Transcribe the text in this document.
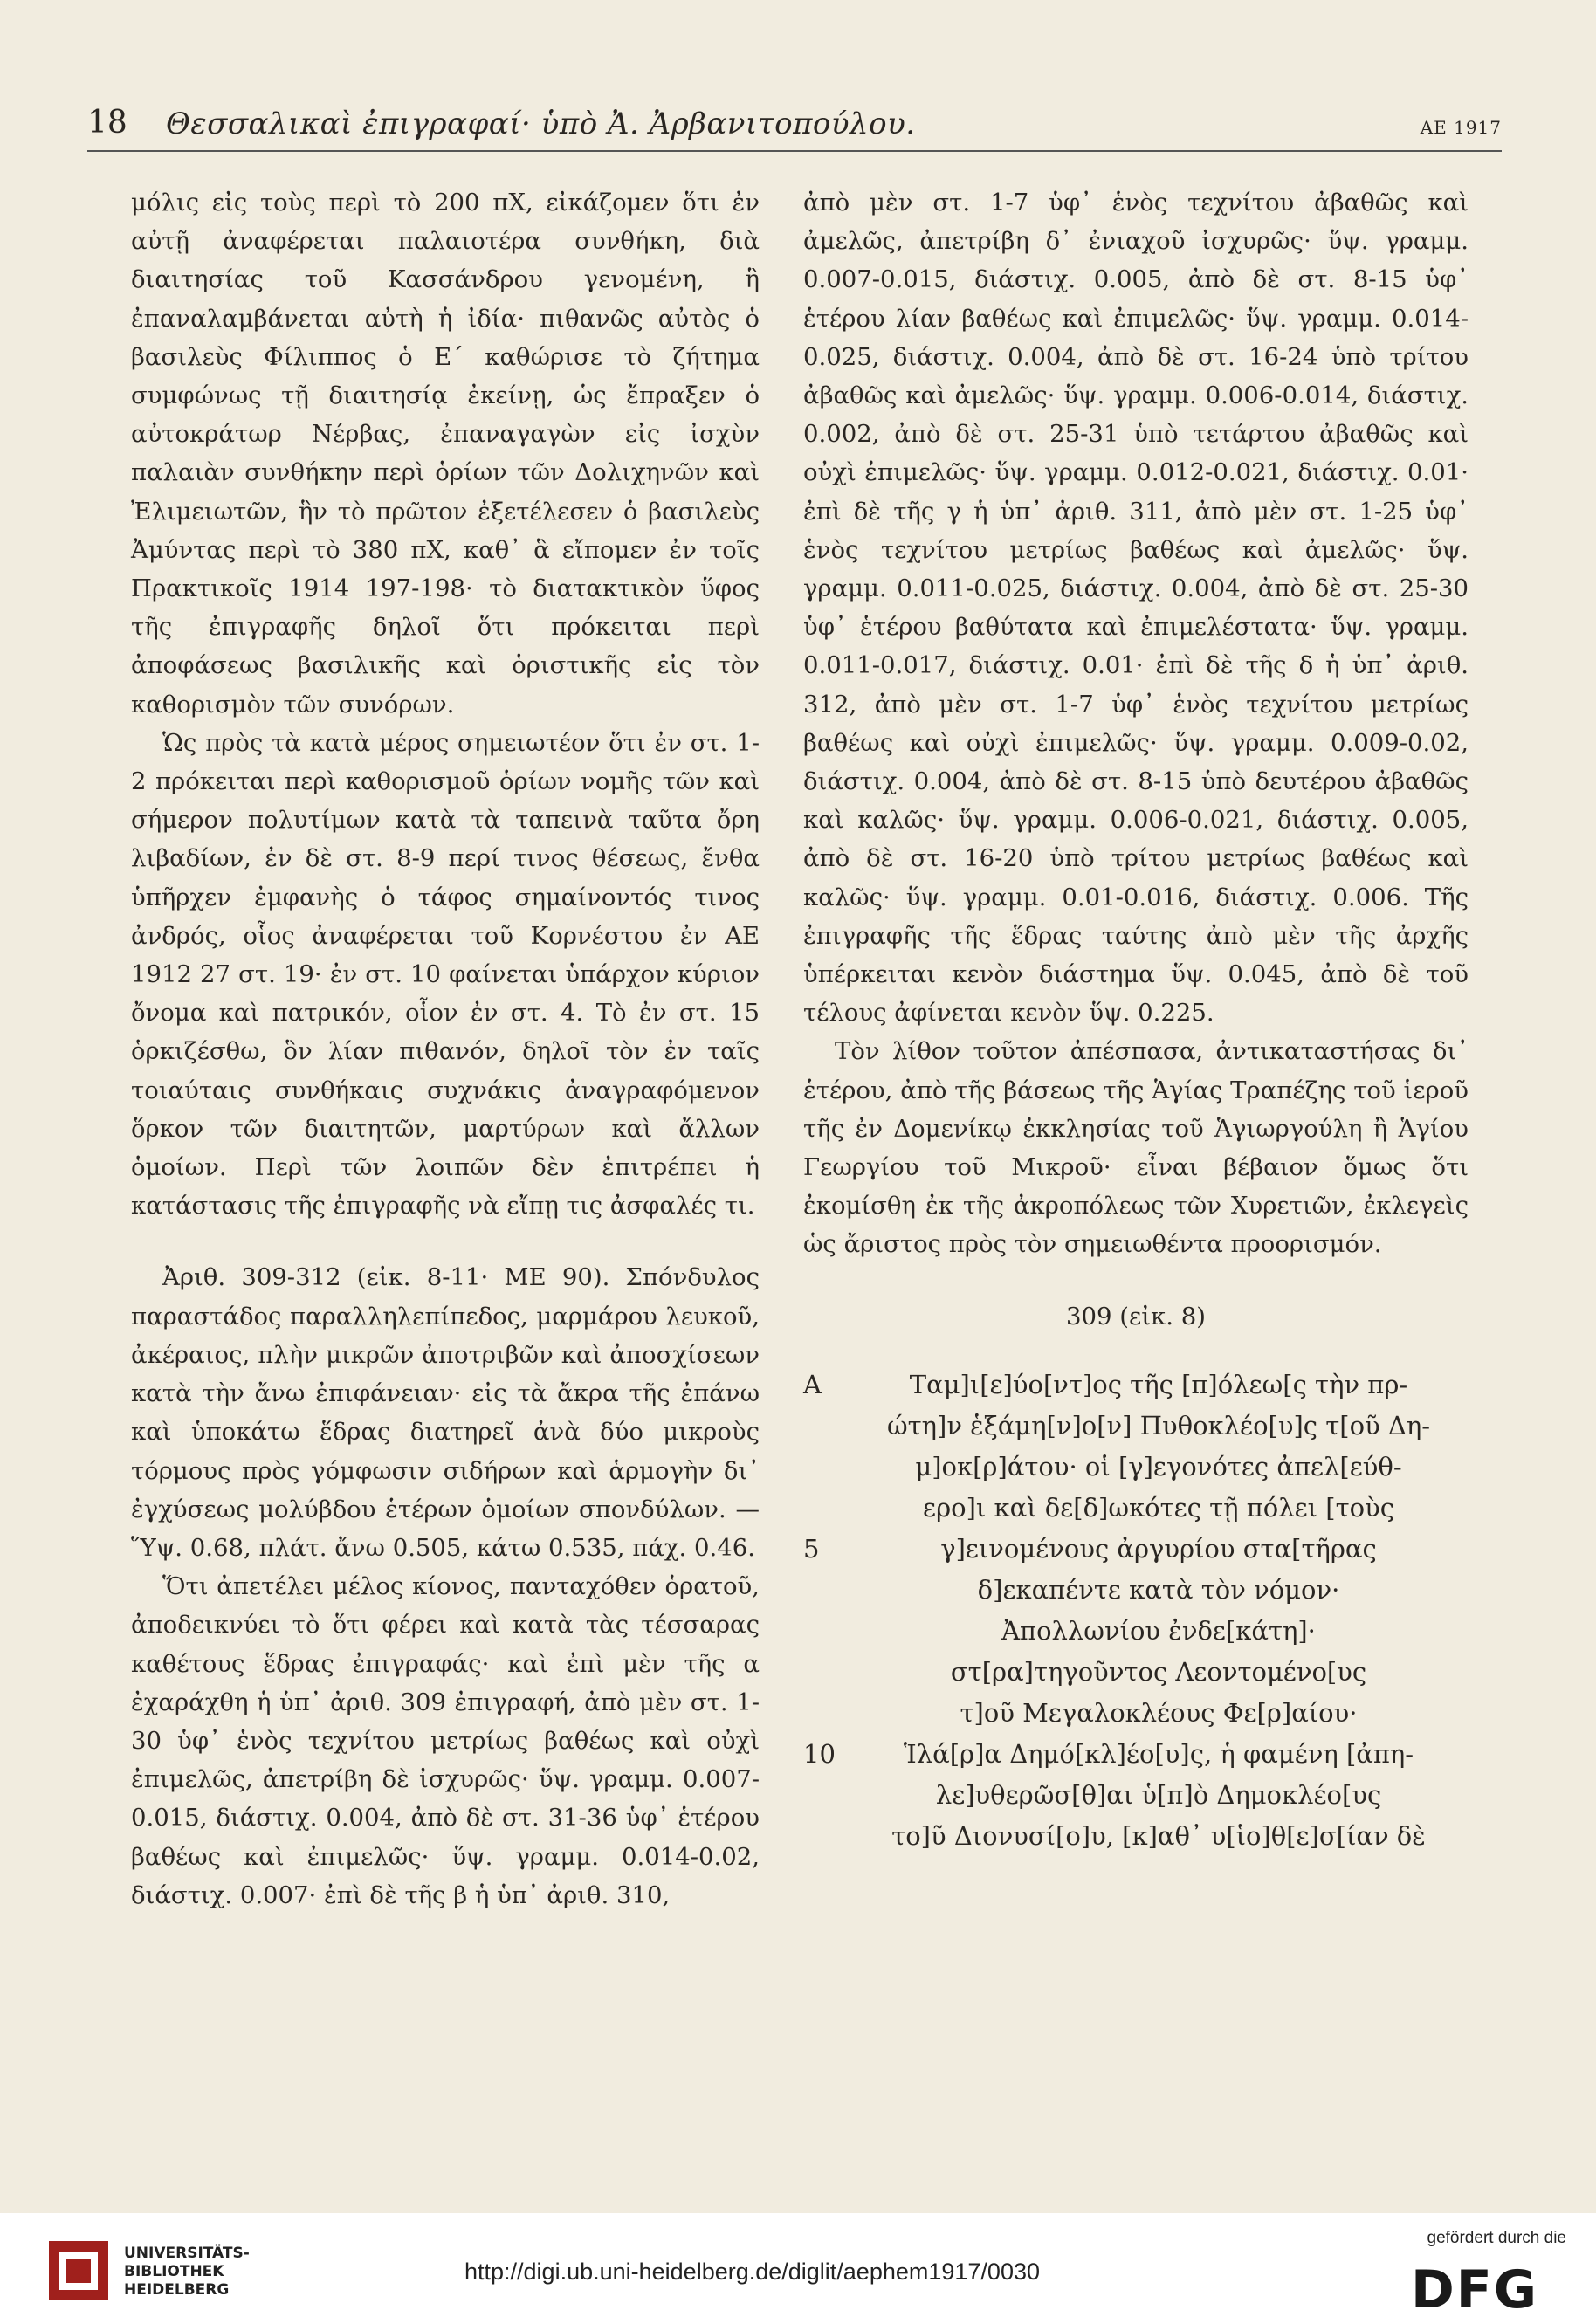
18 Θεσσαλικαὶ ἐπιγραφαί· ὑπὸ Ἀ. Ἀρβανιτοπούλου.	ΑΕ 1917

μόλις εἰς τοὺς περὶ τὸ 200 πΧ, εἰκάζομεν ὅτι ἐν αὐτῇ ἀναφέρεται παλαιοτέρα συνθήκη, διὰ διαιτησίας τοῦ Κασσάνδρου γενομένη, ἣ ἐπαναλαμβάνεται αὐτὴ ἡ ἰδία· πιθανῶς αὐτὸς ὁ βασιλεὺς Φίλιππος ὁ Ε´ καθώρισε τὸ ζήτημα συμφώνως τῇ διαιτησίᾳ ἐκείνῃ, ὡς ἔπραξεν ὁ αὐτοκράτωρ Νέρβας, ἐπαναγαγὼν εἰς ἰσχὺν παλαιὰν συνθήκην περὶ ὁρίων τῶν Δολιχηνῶν καὶ Ἐλιμειωτῶν, ἣν τὸ πρῶτον ἐξετέλεσεν ὁ βασιλεὺς Ἀμύντας περὶ τὸ 380 πΧ, καθ᾽ ἃ εἴπομεν ἐν τοῖς Πρακτικοῖς 1914 197-198· τὸ διατακτικὸν ὕφος τῆς ἐπιγραφῆς δηλοῖ ὅτι πρόκειται περὶ ἀποφάσεως βασιλικῆς καὶ ὁριστικῆς εἰς τὸν καθορισμὸν τῶν συνόρων.

Ὡς πρὸς τὰ κατὰ μέρος σημειωτέον ὅτι ἐν στ. 1-2 πρόκειται περὶ καθορισμοῦ ὁρίων νομῆς τῶν καὶ σήμερον πολυτίμων κατὰ τὰ ταπεινὰ ταῦτα ὄρη λιβαδίων, ἐν δὲ στ. 8-9 περί τινος θέσεως, ἔνθα ὑπῆρχεν ἐμφανὴς ὁ τάφος σημαίνοντός τινος ἀνδρός, οἷος ἀναφέρεται τοῦ Κορνέστου ἐν ΑΕ 1912 27 στ. 19· ἐν στ. 10 φαίνεται ὑπάρχον κύριον ὄνομα καὶ πατρικόν, οἷον ἐν στ. 4. Τὸ ἐν στ. 15 ὁρκιζέσθω, ὃν λίαν πιθανόν, δηλοῖ τὸν ἐν ταῖς τοιαύταις συνθήκαις συχνάκις ἀναγραφόμενον ὅρκον τῶν διαιτητῶν, μαρτύρων καὶ ἄλλων ὁμοίων. Περὶ τῶν λοιπῶν δὲν ἐπιτρέπει ἡ κατάστασις τῆς ἐπιγραφῆς νὰ εἴπῃ τις ἀσφαλές τι.

Ἀριθ. 309-312 (εἰκ. 8-11· ΜΕ 90). Σπόνδυλος παραστάδος παραλληλεπίπεδος, μαρμάρου λευκοῦ, ἀκέραιος, πλὴν μικρῶν ἀποτριβῶν καὶ ἀποσχίσεων κατὰ τὴν ἄνω ἐπιφάνειαν· εἰς τὰ ἄκρα τῆς ἐπάνω καὶ ὑποκάτω ἕδρας διατηρεῖ ἀνὰ δύο μικροὺς τόρμους πρὸς γόμφωσιν σιδήρων καὶ ἁρμογὴν δι᾽ ἐγχύσεως μολύβδου ἑτέρων ὁμοίων σπονδύλων. — Ὕψ. 0.68, πλάτ. ἄνω 0.505, κάτω 0.535, πάχ. 0.46.

Ὅτι ἀπετέλει μέλος κίονος, πανταχόθεν ὁρατοῦ, ἀποδεικνύει τὸ ὅτι φέρει καὶ κατὰ τὰς τέσσαρας καθέτους ἕδρας ἐπιγραφάς· καὶ ἐπὶ μὲν τῆς α ἐχαράχθη ἡ ὑπ᾽ ἀριθ. 309 ἐπιγραφή, ἀπὸ μὲν στ. 1-30 ὑφ᾽ ἑνὸς τεχνίτου μετρίως βαθέως καὶ οὐχὶ ἐπιμελῶς, ἀπετρίβη δὲ ἰσχυρῶς· ὕψ. γραμμ. 0.007-0.015, διάστιχ. 0.004, ἀπὸ δὲ στ. 31-36 ὑφ᾽ ἑτέρου βαθέως καὶ ἐπιμελῶς· ὕψ. γραμμ. 0.014-0.02, διάστιχ. 0.007· ἐπὶ δὲ τῆς β ἡ ὑπ᾽ ἀριθ. 310,

ἀπὸ μὲν στ. 1-7 ὑφ᾽ ἑνὸς τεχνίτου ἀβαθῶς καὶ ἀμελῶς, ἀπετρίβη δ᾽ ἐνιαχοῦ ἰσχυρῶς· ὕψ. γραμμ. 0.007-0.015, διάστιχ. 0.005, ἀπὸ δὲ στ. 8-15 ὑφ᾽ ἑτέρου λίαν βαθέως καὶ ἐπιμελῶς· ὕψ. γραμμ. 0.014-0.025, διάστιχ. 0.004, ἀπὸ δὲ στ. 16-24 ὑπὸ τρίτου ἀβαθῶς καὶ ἀμελῶς· ὕψ. γραμμ. 0.006-0.014, διάστιχ. 0.002, ἀπὸ δὲ στ. 25-31 ὑπὸ τετάρτου ἀβαθῶς καὶ οὐχὶ ἐπιμελῶς· ὕψ. γραμμ. 0.012-0.021, διάστιχ. 0.01· ἐπὶ δὲ τῆς γ ἡ ὑπ᾽ ἀριθ. 311, ἀπὸ μὲν στ. 1-25 ὑφ᾽ ἑνὸς τεχνίτου μετρίως βαθέως καὶ ἀμελῶς· ὕψ. γραμμ. 0.011-0.025, διάστιχ. 0.004, ἀπὸ δὲ στ. 25-30 ὑφ᾽ ἑτέρου βαθύτατα καὶ ἐπιμελέστατα· ὕψ. γραμμ. 0.011-0.017, διάστιχ. 0.01· ἐπὶ δὲ τῆς δ ἡ ὑπ᾽ ἀριθ. 312, ἀπὸ μὲν στ. 1-7 ὑφ᾽ ἑνὸς τεχνίτου μετρίως βαθέως καὶ οὐχὶ ἐπιμελῶς· ὕψ. γραμμ. 0.009-0.02, διάστιχ. 0.004, ἀπὸ δὲ στ. 8-15 ὑπὸ δευτέρου ἀβαθῶς καὶ καλῶς· ὕψ. γραμμ. 0.006-0.021, διάστιχ. 0.005, ἀπὸ δὲ στ. 16-20 ὑπὸ τρίτου μετρίως βαθέως καὶ καλῶς· ὕψ. γραμμ. 0.01-0.016, διάστιχ. 0.006. Τῆς ἐπιγραφῆς τῆς ἕδρας ταύτης ἀπὸ μὲν τῆς ἀρχῆς ὑπέρκειται κενὸν διάστημα ὕψ. 0.045, ἀπὸ δὲ τοῦ τέλους ἀφίνεται κενὸν ὕψ. 0.225.

Τὸν λίθον τοῦτον ἀπέσπασα, ἀντικαταστήσας δι᾽ ἑτέρου, ἀπὸ τῆς βάσεως τῆς Ἁγίας Τραπέζης τοῦ ἱεροῦ τῆς ἐν Δομενίκῳ ἐκκλησίας τοῦ Ἁγιωργούλη ἢ Ἁγίου Γεωργίου τοῦ Μικροῦ· εἶναι βέβαιον ὅμως ὅτι ἐκομίσθη ἐκ τῆς ἀκροπόλεως τῶν Χυρετιῶν, ἐκλεγεὶς ὡς ἄριστος πρὸς τὸν σημειωθέντα προορισμόν.

309 (εἰκ. 8)

Α	Ταμ]ι[ε]ύο[ντ]ος τῆς [π]όλεω[ς τὴν πρ-
ώτη]ν ἑξάμη[ν]ο[ν] Πυθοκλέο[υ]ς τ[οῦ Δη-
μ]οκ[ρ]άτου· οἱ [γ]εγονότες ἀπελ[εύθ-
ερο]ι καὶ δε[δ]ωκότες τῇ πόλει [τοὺς
5	γ]εινομένους ἀργυρίου στα[τῆρας
δ]εκαπέντε κατὰ τὸν νόμον·
Ἀπολλωνίου ἐνδε[κάτη]·
στ[ρα]τηγοῦντος Λεοντομένο[υς
τ]οῦ Μεγαλοκλέους Φε[ρ]αίου·
10	Ἱλά[ρ]α Δημό[κλ]έο[υ]ς, ἡ φαμένη [ἀπη-
λε]υθερῶσ[θ]αι ὑ[π]ὸ Δημοκλέο[υς
το]ῦ Διονυσί[ο]υ, [κ]αθ᾽ υ[ἱο]θ[ε]σ[ίαν δὲ
UNIVERSITÄTS-
BIBLIOTHEK
HEIDELBERG
http://digi.ub.uni-heidelberg.de/diglit/aephem1917/0030
gefördert durch die
DFG
